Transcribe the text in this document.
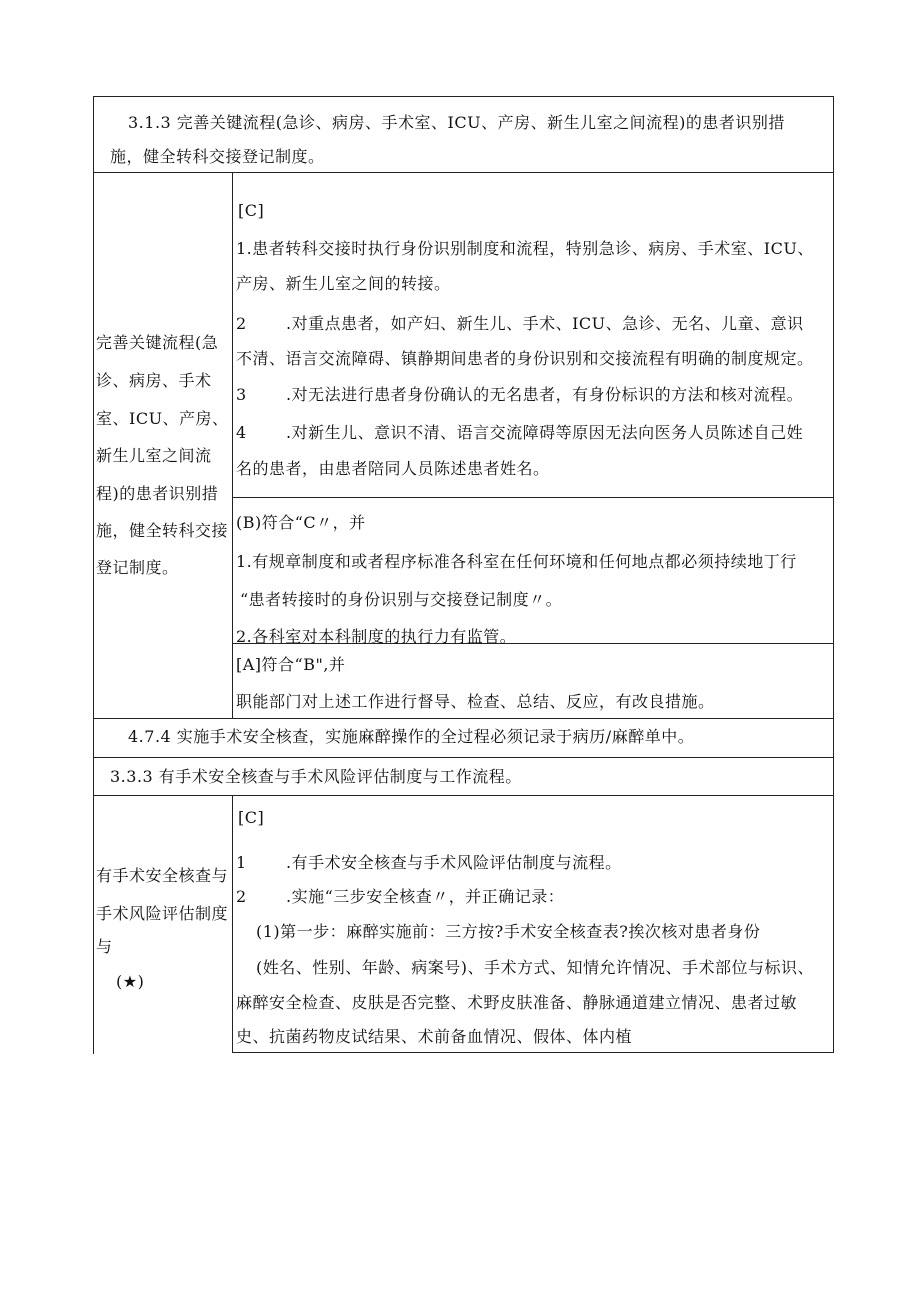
3.1.3 完善关键流程(急诊、病房、手术室、ICU、产房、新生儿室之间流程)的患者识别措
施，健全转科交接登记制度。
完善关键流程(急
诊、病房、手术
室、ICU、产房、
新生儿室之间流
程)的患者识别措
施，健全转科交接
登记制度。
[C]
1.患者转科交接时执行身份识别制度和流程，特别急诊、病房、手术室、ICU、
产房、新生儿室之间的转接。
2 .对重点患者，如产妇、新生儿、手术、ICU、急诊、无名、儿童、意识
不清、语言交流障碍、镇静期间患者的身份识别和交接流程有明确的制度规定。
3 .对无法进行患者身份确认的无名患者，有身份标识的方法和核对流程。
4 .对新生儿、意识不清、语言交流障碍等原因无法向医务人员陈述自己姓
名的患者，由患者陪同人员陈述患者姓名。
(B)符合“C〃，并
1.有规章制度和或者程序标准各科室在任何环境和任何地点都必须持续地丁行
“患者转接时的身份识别与交接登记制度〃。
2.各科室对本科制度的执行力有监管。
[A]符合“B",并
职能部门对上述工作进行督导、检查、总结、反应，有改良措施。
4.7.4 实施手术安全核查，实施麻醉操作的全过程必须记录于病历/麻醉单中。
3.3.3 有手术安全核查与手术风险评估制度与工作流程。
有手术安全核查与
手术风险评估制度
与
(★)
[C]
1 .有手术安全核查与手术风险评估制度与流程。
2 .实施“三步安全核查〃，并正确记录：
(1)第一步：麻醉实施前：三方按?手术安全核查表?挨次核对患者身份
(姓名、性别、年龄、病案号)、手术方式、知情允许情况、手术部位与标识、
麻醉安全检查、皮肤是否完整、术野皮肤准备、静脉通道建立情况、患者过敏
史、抗菌药物皮试结果、术前备血情况、假体、体内植
